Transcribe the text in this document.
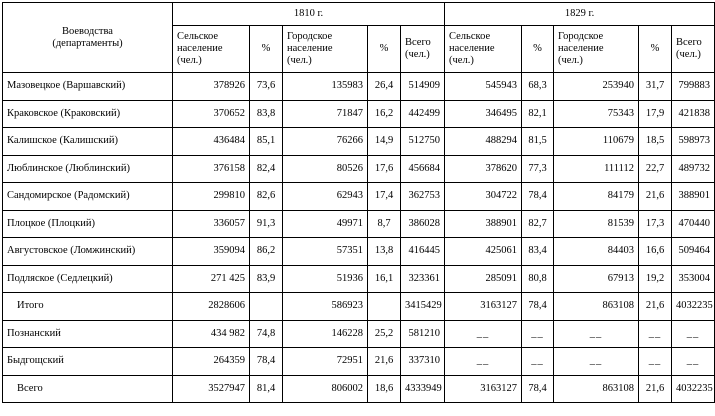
Воеводства
(департаменты)	1810 г.					1829 г.				
	Сельское
население
(чел.)	%	Городское
население
(чел.)	%	Всего
(чел.)	Сельское
население
(чел.)	%	Городское
население
(чел.)	%	Всего
(чел.)
Мазовецкое (Варшавский)	378926	73,6	135983	26,4	514909	545943	68,3	253940	31,7	799883
Краковское (Краковский)	370652	83,8	71847	16,2	442499	346495	82,1	75343	17,9	421838
Калишское (Калишский)	436484	85,1	76266	14,9	512750	488294	81,5	110679	18,5	598973
Люблинское (Люблинский)	376158	82,4	80526	17,6	456684	378620	77,3	111112	22,7	489732
Сандомирское (Радомский)	299810	82,6	62943	17,4	362753	304722	78,4	84179	21,6	388901
Плоцкое (Плоцкий)	336057	91,3	49971	8,7	386028	388901	82,7	81539	17,3	470440
Августовское (Ломжинский)	359094	86,2	57351	13,8	416445	425061	83,4	84403	16,6	509464
Подляское (Седлецкий)	271 425	83,9	51936	16,1	323361	285091	80,8	67913	19,2	353004
Итого	2828606		586923		3415429	3163127	78,4	863108	21,6	4032235
Познанский	434 982	74,8	146228	25,2	581210	__	__	__	__	__
Быдгощский	264359	78,4	72951	21,6	337310	__	__	__	__	__
Всего	3527947	81,4	806002	18,6	4333949	3163127	78,4	863108	21,6	4032235
